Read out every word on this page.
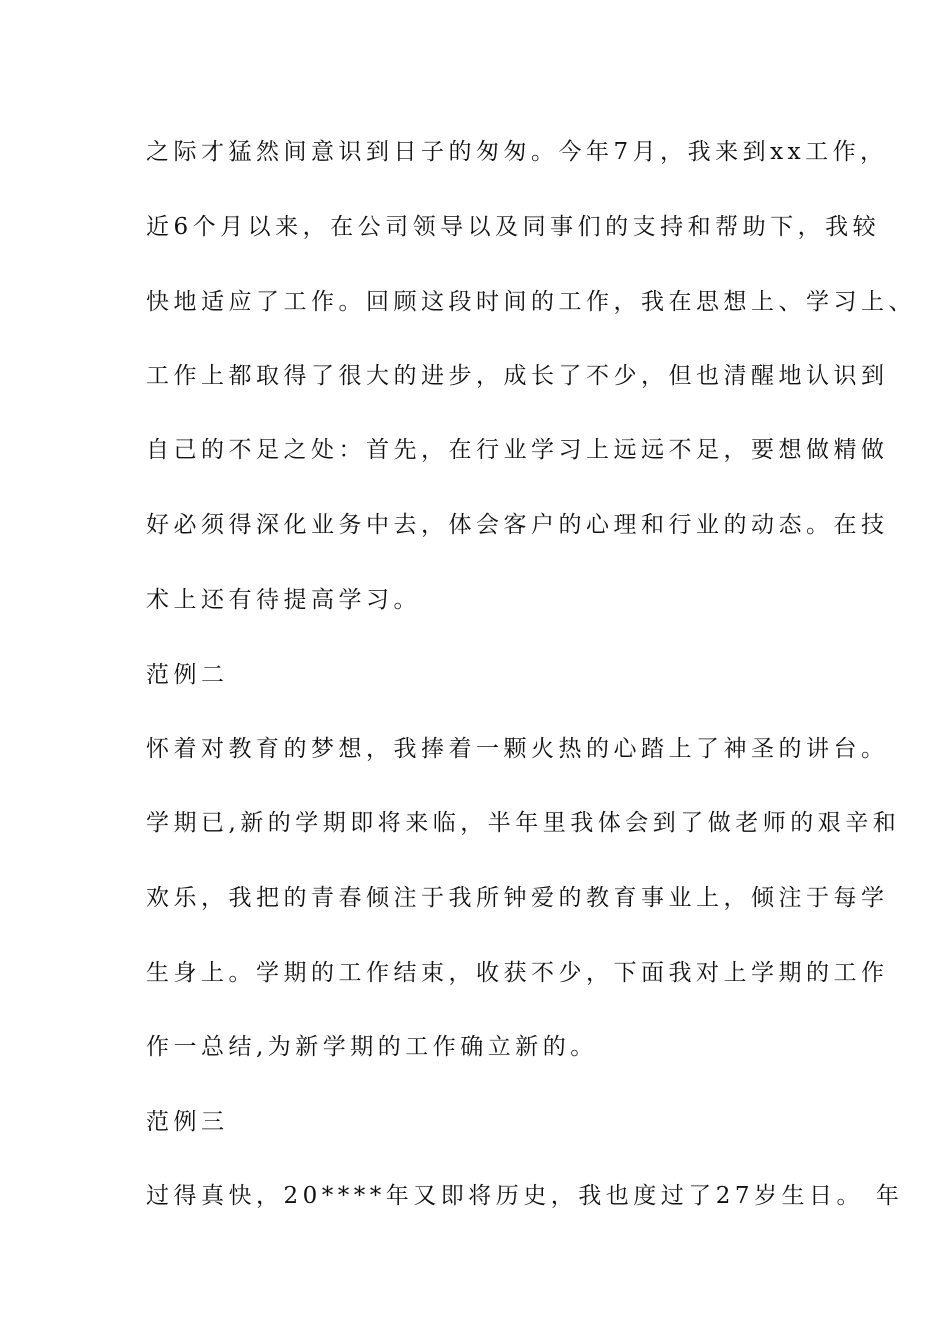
之际才猛然间意识到日子的匆匆。今年7月，我来到xx工作，
近6个月以来，在公司领导以及同事们的支持和帮助下，我较
快地适应了工作。回顾这段时间的工作，我在思想上、学习上、
工作上都取得了很大的进步，成长了不少，但也清醒地认识到
自己的不足之处：首先，在行业学习上远远不足，要想做精做
好必须得深化业务中去，体会客户的心理和行业的动态。在技
术上还有待提高学习。
范例二
怀着对教育的梦想，我捧着一颗火热的心踏上了神圣的讲台。
学期已,新的学期即将来临，半年里我体会到了做老师的艰辛和
欢乐，我把的青春倾注于我所钟爱的教育事业上，倾注于每学
生身上。学期的工作结束，收获不少，下面我对上学期的工作
作一总结,为新学期的工作确立新的。
范例三
过得真快，20****年又即将历史，我也度过了27岁生日。 年
